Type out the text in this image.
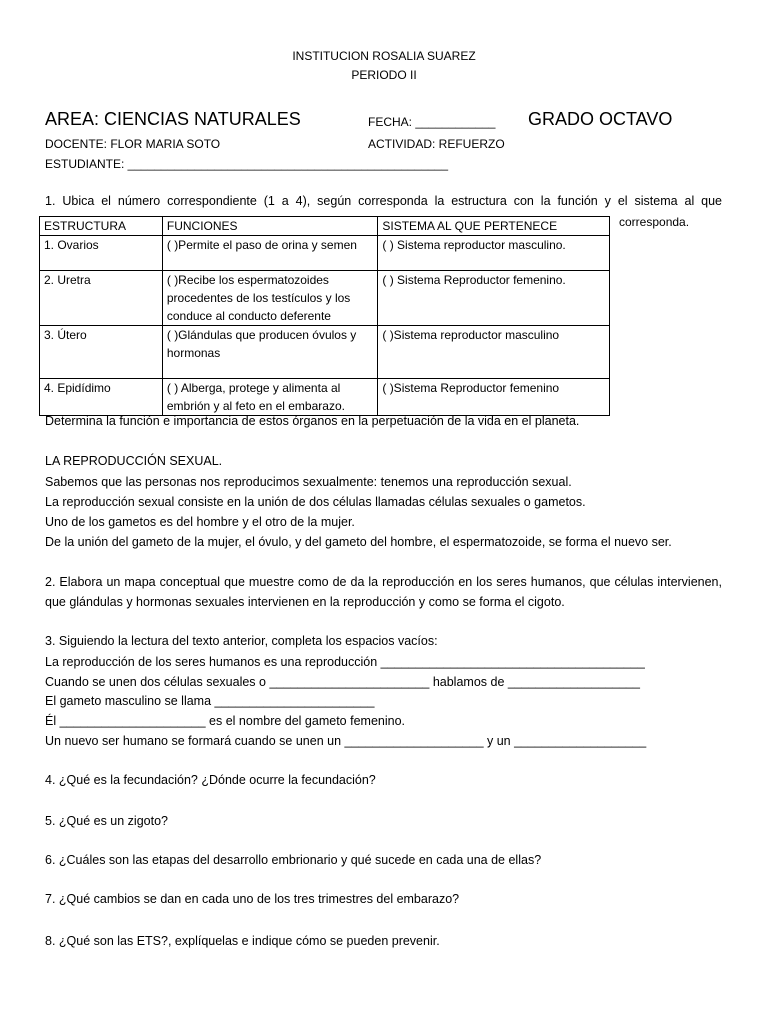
INSTITUCION ROSALIA SUAREZ
PERIODO II
AREA: CIENCIAS NATURALES	FECHA: ____________ GRADO OCTAVO
DOCENTE: FLOR MARIA SOTO	ACTIVIDAD: REFUERZO
ESTUDIANTE: ________________________________________________
1. Ubica el número correspondiente (1 a 4), según corresponda la estructura con la función y el sistema al que
corresponda.
ESTRUCTURA	FUNCIONES	SISTEMA AL QUE PERTENECE
1. Ovarios	( )Permite el paso de orina y semen	( ) Sistema reproductor masculino.
2. Uretra	( )Recibe los espermatozoides procedentes de los testículos y los conduce al conducto deferente	( ) Sistema Reproductor femenino.
3. Útero	( )Glándulas que producen óvulos y hormonas	( )Sistema reproductor masculino
4. Epidídimo	( ) Alberga, protege y alimenta al embrión y al feto en el embarazo.	( )Sistema Reproductor femenino
Determina la función e importancia de estos órganos en la perpetuación de la vida en el planeta.
LA REPRODUCCIÓN SEXUAL.
Sabemos que las personas nos reproducimos sexualmente: tenemos una reproducción sexual.
La reproducción sexual consiste en la unión de dos células llamadas células sexuales o gametos.
Uno de los gametos es del hombre y el otro de la mujer.
De la unión del gameto de la mujer, el óvulo, y del gameto del hombre, el espermatozoide, se forma el nuevo ser.
2. Elabora un mapa conceptual que muestre como de da la reproducción en los seres humanos, que células intervienen,
que glándulas y hormonas sexuales intervienen en la reproducción y como se forma el cigoto.
3. Siguiendo la lectura del texto anterior, completa los espacios vacíos:
La reproducción de los seres humanos es una reproducción ______________________________________
Cuando se unen dos células sexuales o _______________________ hablamos de ___________________
El gameto masculino se llama _______________________
Él _____________________ es el nombre del gameto femenino.
Un nuevo ser humano se formará cuando se unen un ____________________ y un ___________________
4. ¿Qué es la fecundación? ¿Dónde ocurre la fecundación?
5. ¿Qué es un zigoto?
6. ¿Cuáles son las etapas del desarrollo embrionario y qué sucede en cada una de ellas?
7. ¿Qué cambios se dan en cada uno de los tres trimestres del embarazo?
8. ¿Qué son las ETS?, explíquelas e indique cómo se pueden prevenir.
